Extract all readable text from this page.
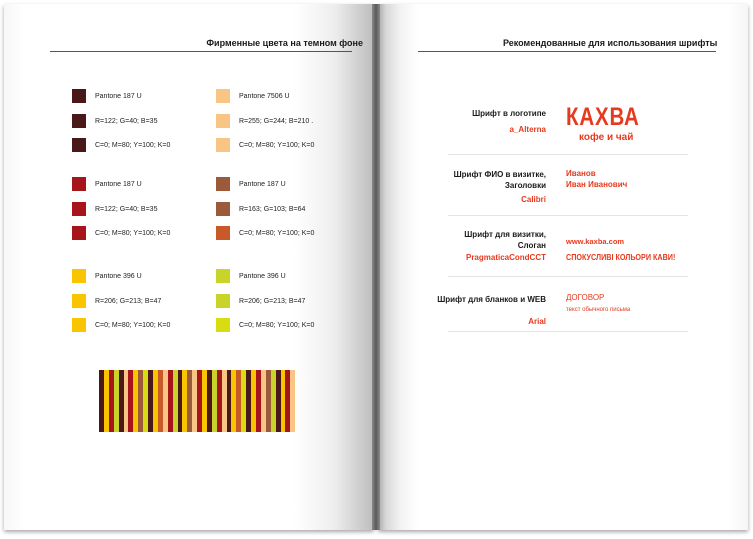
Фирменные цвета на темном фоне
Pantone 187 U
R=122; G=40; B=35
C=0; M=80; Y=100; K=0
Pantone 7506 U
R=255; G=244; B=210 .
C=0; M=80; Y=100; K=0
Pantone 187 U
R=122; G=40; B=35
C=0; M=80; Y=100; K=0
Pantone 187 U
R=163; G=103; B=64
C=0; M=80; Y=100; K=0
Pantone 396 U
R=206; G=213; B=47
C=0; M=80; Y=100; K=0
Pantone 396 U
R=206; G=213; B=47
C=0; M=80; Y=100; K=0
Рекомендованные для использования шрифты
Шрифт в логотипе
a_Alterna КАХВА
кофе и чай
Шрифт ФИО в визитке, Заголовки
Calibri
Иванов
Иван Иванович
Шрифт для визитки, Слоган
PragmaticaCondCCT
www.kaxba.com
СПОКУСЛИВІ КОЛЬОРИ КАВИ!
Шрифт для бланков и WEB
Arial
ДОГОВОР
текст обычного письма
